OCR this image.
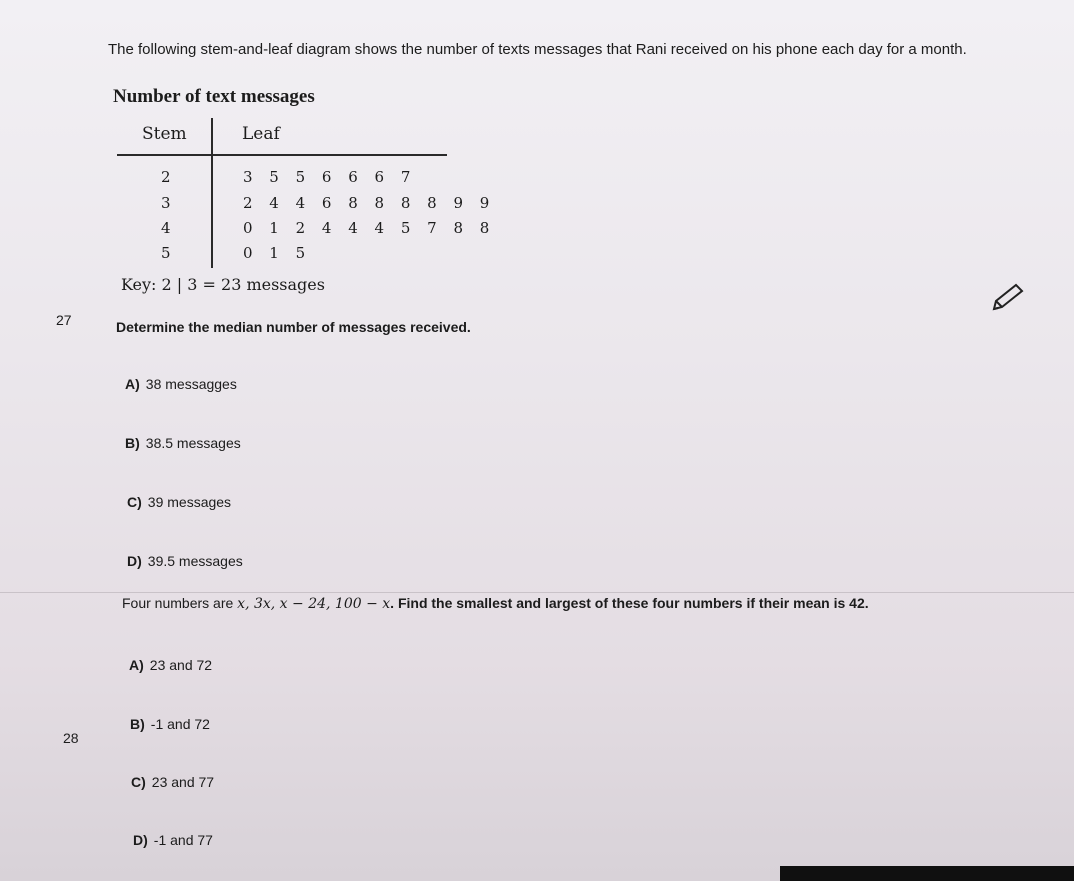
The following stem-and-leaf diagram shows the number of texts messages that Rani received on his phone each day for a month.
Number of text messages
Stem	Leaf
2	3 5 5 6 6 6 7
3	2 4 4 6 8 8 8 8 9 9
4	0 1 2 4 4 4 5 7 8 8
5	0 1 5
Key: 2 | 3 = 23 messages
27	Determine the median number of messages received.
A) 38 messagges
B) 38.5 messages
C) 39 messages
D) 39.5 messages
Four numbers are x, 3x, x − 24, 100 − x. Find the smallest and largest of these four numbers if their mean is 42.
A) 23 and 72
28
B) -1 and 72
C) 23 and 77
D) -1 and 77
